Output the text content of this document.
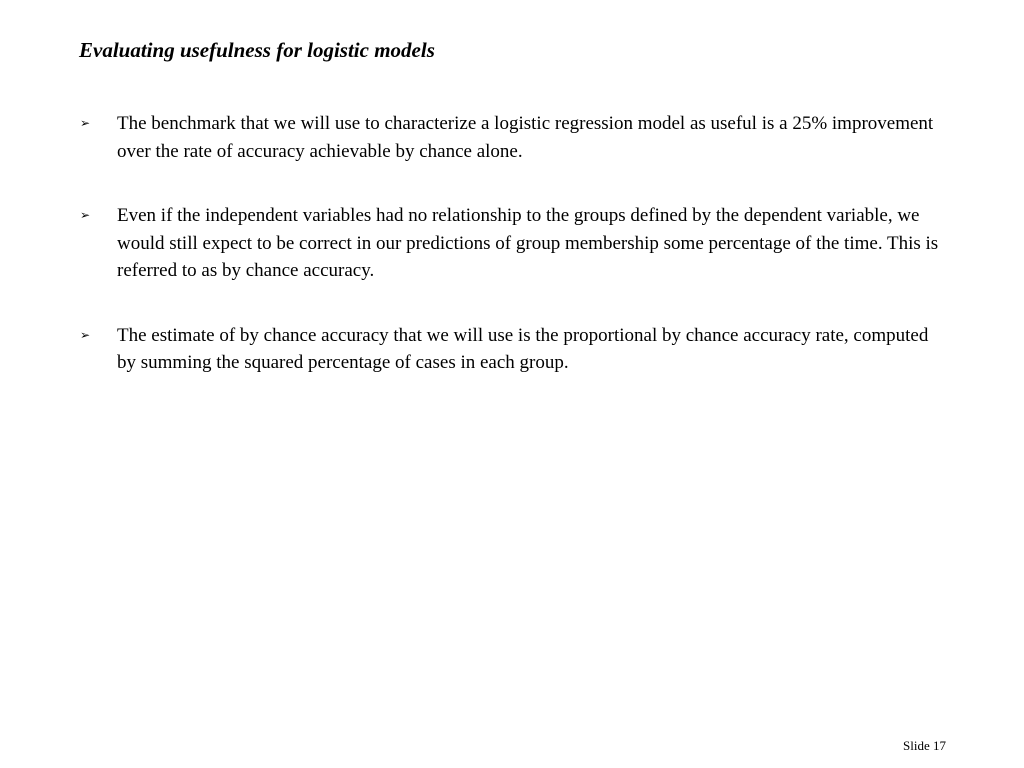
Evaluating usefulness for logistic models
➢ The benchmark that we will use to characterize a logistic regression model as useful is a 25% improvement over the rate of accuracy achievable by chance alone.
➢ Even if the independent variables had no relationship to the groups defined by the dependent variable, we would still expect to be correct in our predictions of group membership some percentage of the time. This is referred to as by chance accuracy.
➢ The estimate of by chance accuracy that we will use is the proportional by chance accuracy rate, computed by summing the squared percentage of cases in each group.
Slide 17
